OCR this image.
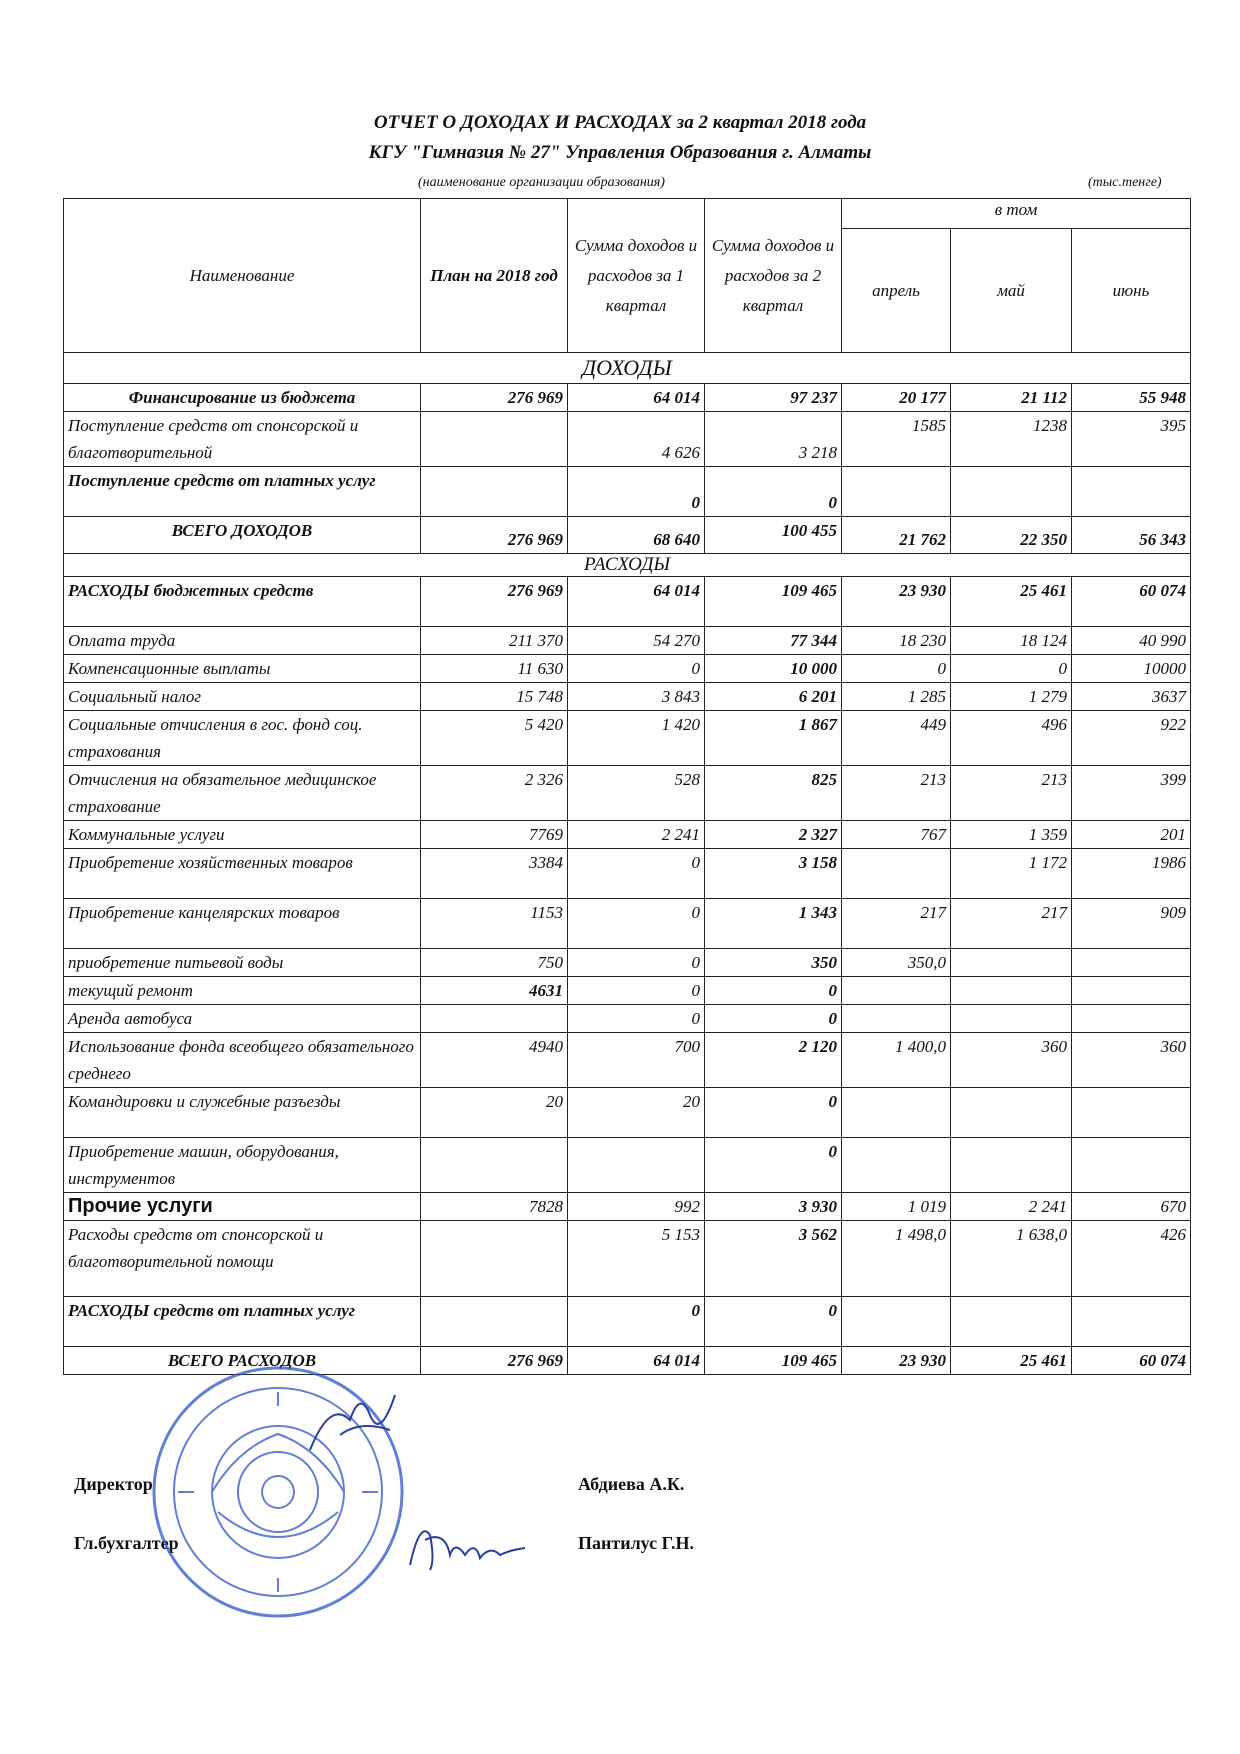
ОТЧЕТ О ДОХОДАХ И РАСХОДАХ за 2 квартал 2018 года
КГУ "Гимназия № 27" Управления Образования г. Алматы
(наименование организации образования)	(тыс.тенге)
Наименование	План на 2018 год	Сумма доходов и расходов за 1 квартал	Сумма доходов и расходов за 2 квартал	в том		
				апрель	май	июнь
ДОХОДЫ						
Финансирование из бюджета	276 969	64 014	97 237	20 177	21 112	55 948
Поступление средств от спонсорской и благотворительной		4 626	3 218	1585	1238	395
Поступление средств от платных услуг		0	0			
ВСЕГО ДОХОДОВ	276 969	68 640	100 455	21 762	22 350	56 343
РАСХОДЫ						
РАСХОДЫ бюджетных средств	276 969	64 014	109 465	23 930	25 461	60 074
Оплата труда	211 370	54 270	77 344	18 230	18 124	40 990
Компенсационные выплаты	11 630	0	10 000	0	0	10000
Социальный налог	15 748	3 843	6 201	1 285	1 279	3637
Социальные отчисления в гос. фонд соц. страхования	5 420	1 420	1 867	449	496	922
Отчисления на обязательное медицинское страхование	2 326	528	825	213	213	399
Коммунальные услуги	7769	2 241	2 327	767	1 359	201
Приобретение хозяйственных товаров	3384	0	3 158		1 172	1986
Приобретение канцелярских товаров	1153	0	1 343	217	217	909
приобретение питьевой воды	750	0	350	350,0		
текущий ремонт	4631	0	0			
Аренда автобуса		0	0			
Использование фонда всеобщего обязательного среднего	4940	700	2 120	1 400,0	360	360
Командировки и служебные разъезды	20	20	0			
Приобретение машин, оборудования, инструментов			0			
Прочие услуги	7828	992	3 930	1 019	2 241	670
Расходы средств от спонсорской и благотворительной помощи		5 153	3 562	1 498,0	1 638,0	426
РАСХОДЫ средств от платных услуг		0	0			
ВСЕГО РАСХОДОВ	276 969	64 014	109 465	23 930	25 461	60 074
Директор	Абдиева А.К.
Гл.бухгалтер	Пантилус Г.Н.
